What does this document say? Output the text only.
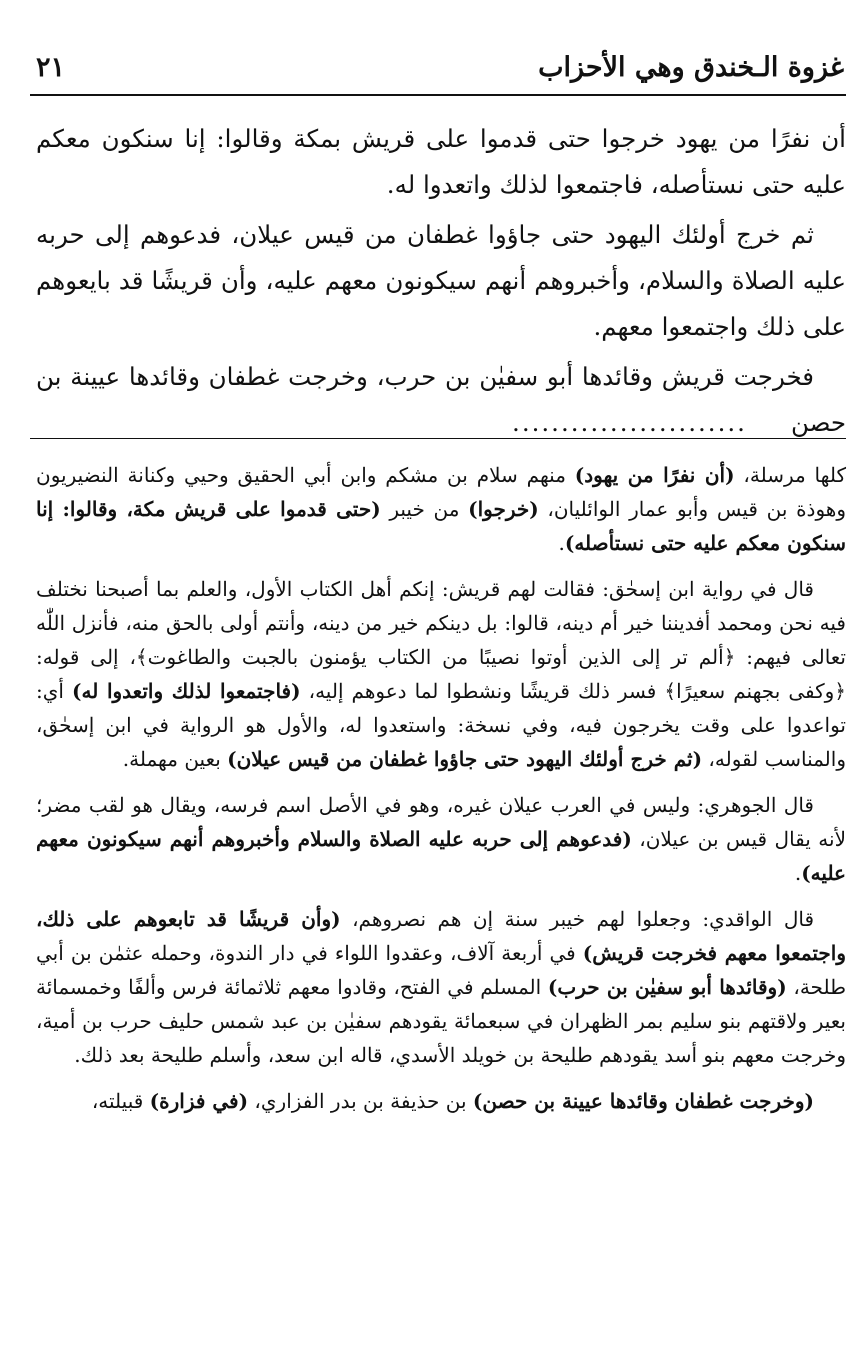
غزوة الـخندق وهي الأحزاب
٢١

أن نفرًا من يهود خرجوا حتى قدموا على قريش بمكة وقالوا: إنا سنكون معكم عليه حتى نستأصله، فاجتمعوا لذلك واتعدوا له.

ثم خرج أولئك اليهود حتى جاؤوا غطفان من قيس عيلان، فدعوهم إلى حربه عليه الصلاة والسلام، وأخبروهم أنهم سيكونون معهم عليه، وأن قريشًا قد بايعوهم على ذلك واجتمعوا معهم.

فخرجت قريش وقائدها أبو سفيٰن بن حرب، وخرجت غطفان وقائدها عيينة بن حصن........................

كلها مرسلة، (أن نفرًا من يهود) منهم سلام بن مشكم وابن أبي الحقيق وحيي وكنانة النضيريون وهوذة بن قيس وأبو عمار الوائليان، (خرجوا) من خيبر (حتى قدموا على قريش مكة، وقالوا: إنا سنكون معكم عليه حتى نستأصله).

قال في رواية ابن إسحٰق: فقالت لهم قريش: إنكم أهل الكتاب الأول، والعلم بما أصبحنا نختلف فيه نحن ومحمد أفديننا خير أم دينه، قالوا: بل دينكم خير من دينه، وأنتم أولى بالحق منه، فأنزل اللّٰه تعالى فيهم: ﴿ألم تر إلى الذين أوتوا نصيبًا من الكتاب يؤمنون بالجبت والطاغوت﴾، إلى قوله: ﴿وكفى بجهنم سعيرًا﴾ فسر ذلك قريشًا ونشطوا لما دعوهم إليه، (فاجتمعوا لذلك واتعدوا له) أي: تواعدوا على وقت يخرجون فيه، وفي نسخة: واستعدوا له، والأول هو الرواية في ابن إسحٰق، والمناسب لقوله، (ثم خرج أولئك اليهود حتى جاؤوا غطفان من قيس عيلان) بعين مهملة.

قال الجوهري: وليس في العرب عيلان غيره، وهو في الأصل اسم فرسه، ويقال هو لقب مضر؛ لأنه يقال قيس بن عيلان، (فدعوهم إلى حربه عليه الصلاة والسلام وأخبروهم أنهم سيكونون معهم عليه).

قال الواقدي: وجعلوا لهم خيبر سنة إن هم نصروهم، (وأن قريشًا قد تابعوهم على ذلك، واجتمعوا معهم فخرجت قريش) في أربعة آلاف، وعقدوا اللواء في دار الندوة، وحمله عثمٰن بن أبي طلحة، (وقائدها أبو سفيٰن بن حرب) المسلم في الفتح، وقادوا معهم ثلاثمائة فرس وألفًا وخمسمائة بعير ولاقتهم بنو سليم بمر الظهران في سبعمائة يقودهم سفيٰن بن عبد شمس حليف حرب بن أمية، وخرجت معهم بنو أسد يقودهم طليحة بن خويلد الأسدي، قاله ابن سعد، وأسلم طليحة بعد ذلك.

(وخرجت غطفان وقائدها عيينة بن حصن) بن حذيفة بن بدر الفزاري، (في فزارة) قبيلته،
